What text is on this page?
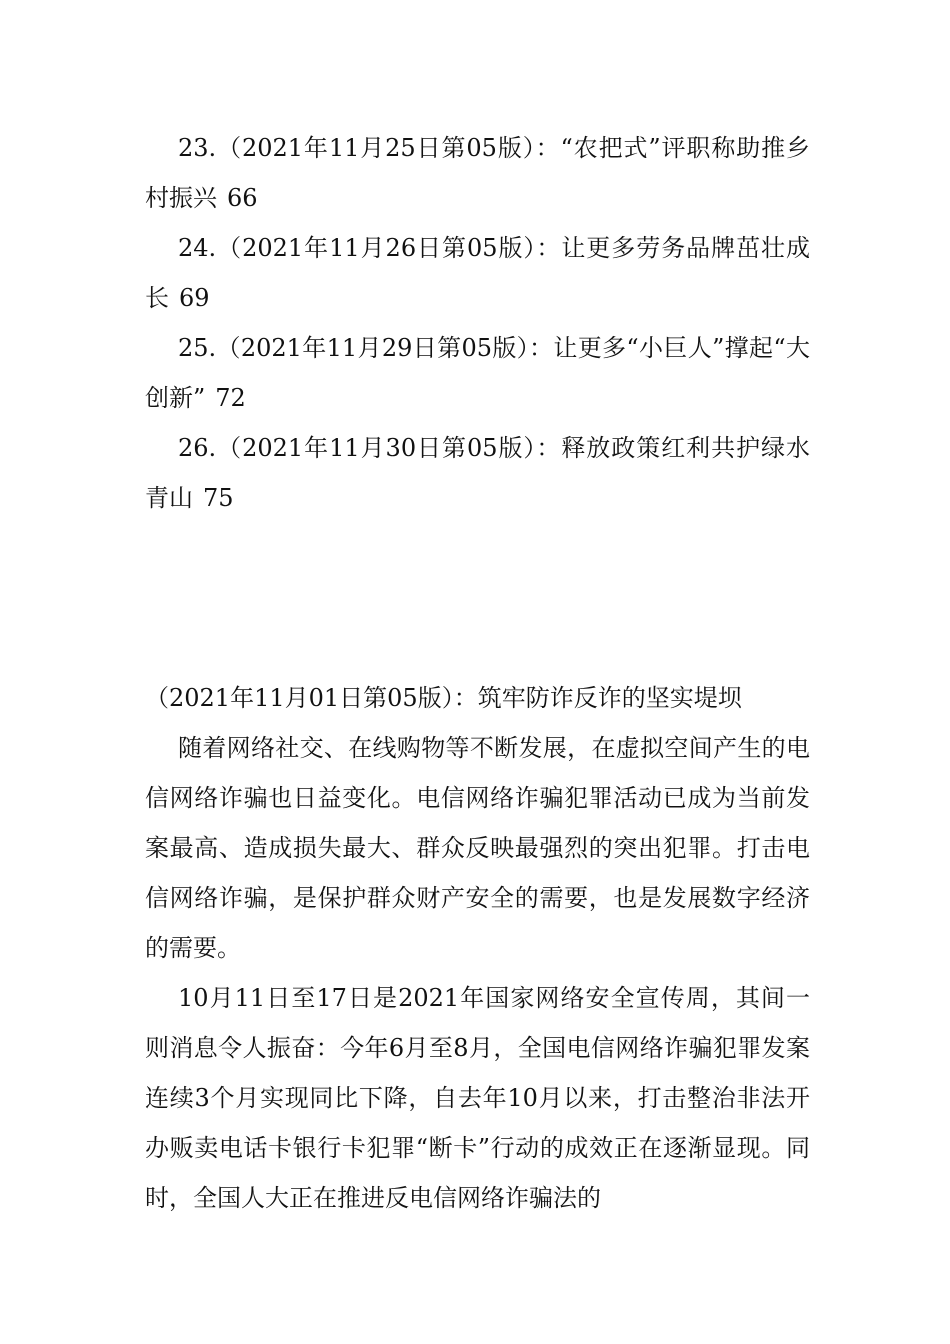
23.（2021年11月25日第05版）：“农把式”评职称助推乡村振兴 66
24.（2021年11月26日第05版）：让更多劳务品牌茁壮成长 69
25.（2021年11月29日第05版）：让更多“小巨人”撑起“大创新” 72
26.（2021年11月30日第05版）：释放政策红利共护绿水青山 75
（2021年11月01日第05版）：筑牢防诈反诈的坚实堤坝
随着网络社交、在线购物等不断发展，在虚拟空间产生的电信网络诈骗也日益变化。电信网络诈骗犯罪活动已成为当前发案最高、造成损失最大、群众反映最强烈的突出犯罪。打击电信网络诈骗，是保护群众财产安全的需要，也是发展数字经济的需要。
10月11日至17日是2021年国家网络安全宣传周，其间一则消息令人振奋：今年6月至8月，全国电信网络诈骗犯罪发案连续3个月实现同比下降，自去年10月以来，打击整治非法开办贩卖电话卡银行卡犯罪“断卡”行动的成效正在逐渐显现。同时，全国人大正在推进反电信网络诈骗法的
